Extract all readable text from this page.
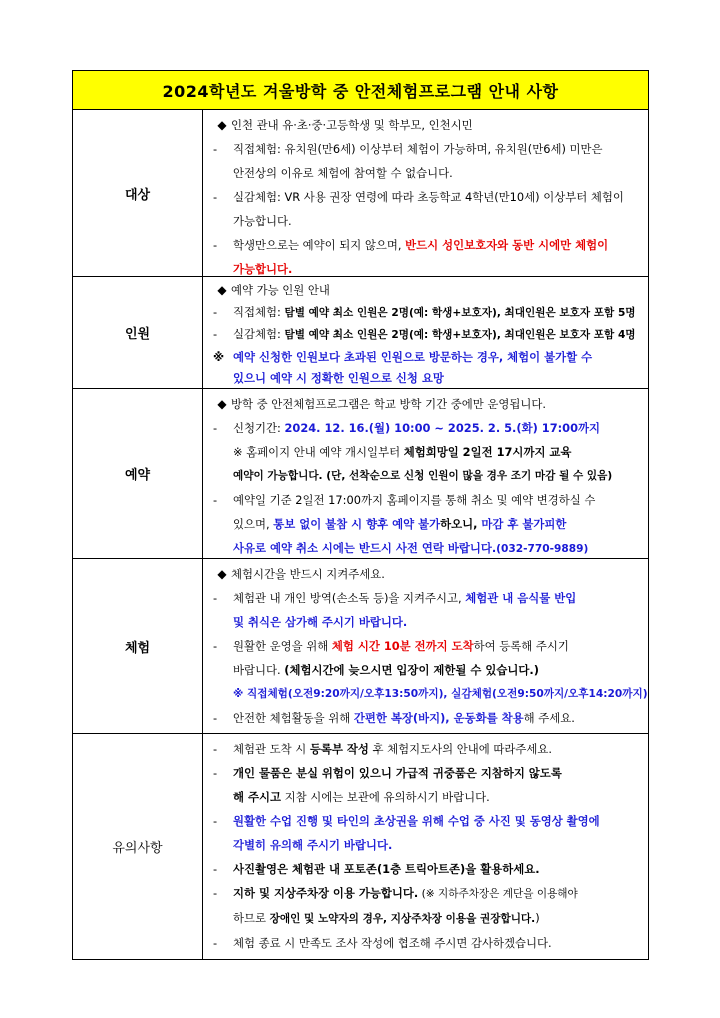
2024학년도 겨울방학 중 안전체험프로그램 안내 사항
대상
◆ 인천 관내 유·초·중·고등학생 및 학부모, 인천시민
-	직접체험: 유치원(만6세) 이상부터 체험이 가능하며, 유치원(만6세) 미만은
안전상의 이유로 체험에 참여할 수 없습니다.
-	실감체험: VR 사용 권장 연령에 따라 초등학교 4학년(만10세) 이상부터 체험이
가능합니다.
-	학생만으로는 예약이 되지 않으며, 반드시 성인보호자와 동반 시에만 체험이
가능합니다.
인원
◆ 예약 가능 인원 안내
-	직접체험: 탐별 예약 최소 인원은 2명(예: 학생+보호자), 최대인원은 보호자 포함 5명
-	실감체험: 탐별 예약 최소 인원은 2명(예: 학생+보호자), 최대인원은 보호자 포함 4명
※ 예약 신청한 인원보다 초과된 인원으로 방문하는 경우, 체험이 불가할 수
있으니 예약 시 정확한 인원으로 신청 요망
예약
◆ 방학 중 안전체험프로그램은 학교 방학 기간 중에만 운영됩니다.
-	신청기간: 2024. 12. 16.(월) 10:00 ~ 2025. 2. 5.(화) 17:00까지
※ 홈페이지 안내 예약 개시일부터 체험희망일 2일전 17시까지 교육
예약이 가능합니다. (단, 선착순으로 신청 인원이 많을 경우 조기 마감 될 수 있음)
-	예약일 기준 2일전 17:00까지 홈페이지를 통해 취소 및 예약 변경하실 수
있으며, 통보 없이 불참 시 향후 예약 불가하오니, 마감 후 불가피한
사유로 예약 취소 시에는 반드시 사전 연락 바랍니다.(032-770-9889)
체험
◆ 체험시간을 반드시 지켜주세요.
-	체험관 내 개인 방역(손소독 등)을 지켜주시고, 체험관 내 음식물 반입
및 취식은 삼가해 주시기 바랍니다.
-	원활한 운영을 위해 체험 시간 10분 전까지 도착하여 등록해 주시기
바랍니다. (체험시간에 늦으시면 입장이 제한될 수 있습니다.)
※ 직접체험(오전9:20까지/오후13:50까지), 실감체험(오전9:50까지/오후14:20까지)
-	안전한 체험활동을 위해 간편한 복장(바지), 운동화를 착용해 주세요.
유의사항
-	체험관 도착 시 등록부 작성 후 체험지도사의 안내에 따라주세요.
-	개인 물품은 분실 위험이 있으니 가급적 귀중품은 지참하지 않도록
해 주시고 지참 시에는 보관에 유의하시기 바랍니다.
-	원활한 수업 진행 및 타인의 초상권을 위해 수업 중 사진 및 동영상 촬영에
각별히 유의해 주시기 바랍니다.
-	사진촬영은 체험관 내 포토존(1층 트릭아트존)을 활용하세요.
-	지하 및 지상주차장 이용 가능합니다. (※ 지하주차장은 계단을 이용해야
하므로 장애인 및 노약자의 경우, 지상주차장 이용을 권장합니다.)
-	체험 종료 시 만족도 조사 작성에 협조해 주시면 감사하겠습니다.
